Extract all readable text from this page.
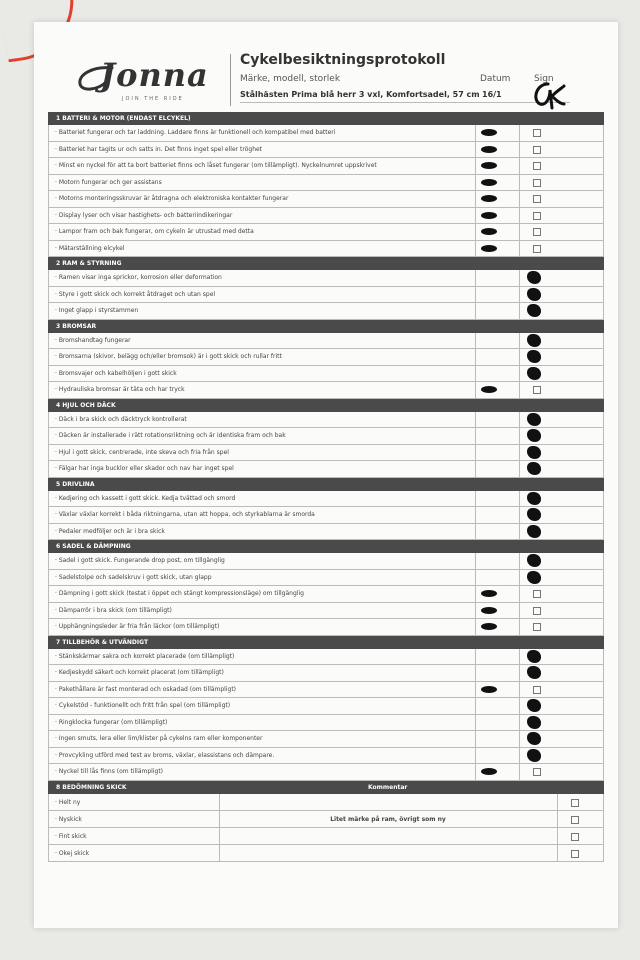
Jonna
JOIN THE RIDE
Cykelbesiktningsprotokoll
Märke, modell, storlek	Datum	Sign
Stålhästen Prima blå herr 3 vxl, Komfortsadel, 57 cm 16/1
1 BATTERI & MOTOR (ENDAST ELCYKEL)
· Batteriet fungerar och tar laddning. Laddare finns är funktionell och kompatibel med batteri
· Batteriet har tagits ur och satts in. Det finns inget spel eller tröghet
· Minst en nyckel för att ta bort batteriet finns och låset fungerar (om tillämpligt). Nyckelnumret uppskrivet
· Motorn fungerar och ger assistans
· Motorns monteringsskruvar är åtdragna och elektroniska kontakter fungerar
· Display lyser och visar hastighets- och batteriindikeringar
· Lampor fram och bak fungerar, om cykeln är utrustad med detta
· Mätarställning elcykel
2 RAM & STYRNING
· Ramen visar inga sprickor, korrosion eller deformation
· Styre i gott skick och korrekt åtdraget och utan spel
· Inget glapp i styrstammen
3 BROMSAR
· Bromshandtag fungerar
· Bromsarna (skivor, belägg och/eller bromsok) är i gott skick och rullar fritt
· Bromsvajer och kabelhöljen i gott skick
· Hydrauliska bromsar är täta och har tryck
4 HJUL OCH DÄCK
· Däck i bra skick och däcktryck kontrollerat
· Däcken är installerade i rätt rotationsriktning och är identiska fram och bak
· Hjul i gott skick, centrerade, inte skeva och fria från spel
· Fälgar har inga bucklor eller skador och nav har inget spel
5 DRIVLINA
· Kedjering och kassett i gott skick. Kedja tvättad och smord
· Växlar växlar korrekt i båda riktningarna, utan att hoppa, och styrkablarna är smorda
· Pedaler medföljer och är i bra skick
6 SADEL & DÄMPNING
· Sadel i gott skick. Fungerande drop post, om tillgänglig
· Sadelstolpe och sadelskruv i gott skick, utan glapp
· Dämpning i gott skick (testat i öppet och stängt kompressionsläge) om tillgänglig
· Dämparrör i bra skick (om tillämpligt)
· Upphängningsleder är fria från läckor (om tillämpligt)
7 TILLBEHÖR & UTVÄNDIGT
· Stänkskärmar sakra och korrekt placerade (om tillämpligt)
· Kedjeskydd säkert och korrekt placerat (om tillämpligt)
· Pakethållare är fast monterad och oskadad (om tillämpligt)
· Cykelstöd - funktionellt och fritt från spel (om tillämpligt)
· Ringklocka fungerar (om tillämpligt)
· Ingen smuts, lera eller lim/klister på cykelns ram eller komponenter
· Provcykling utförd med test av broms, växlar, elassistans och dämpare.
· Nyckel till lås finns (om tillämpligt)
8 BEDÖMNING SKICK	Kommentar
· Helt ny
· Nyskick	Litet märke på ram, övrigt som ny
· Fint skick
· Okej skick
